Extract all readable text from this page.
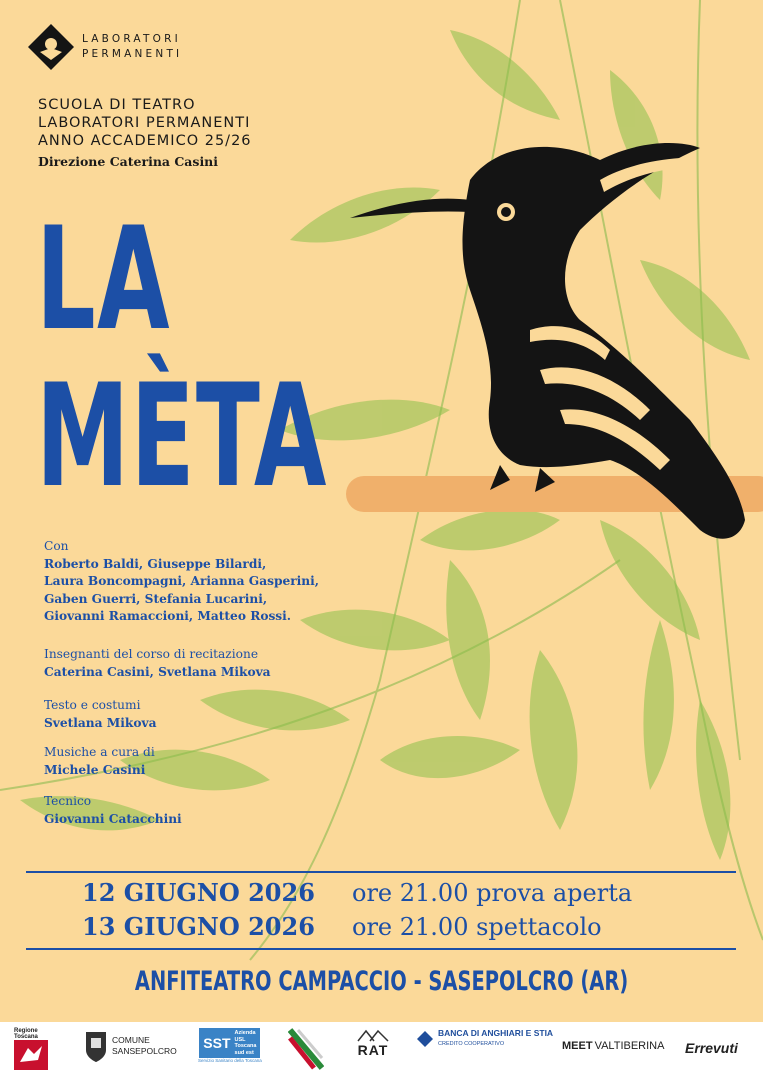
LABORATORI
PERMANENTI
SCUOLA DI TEATRO
LABORATORI PERMANENTI
ANNO ACCADEMICO 25/26
Direzione Caterina Casini
LA
MÈTA
Con
Roberto Baldi, Giuseppe Bilardi,
Laura Boncompagni, Arianna Gasperini,
Gaben Guerri, Stefania Lucarini,
Giovanni Ramaccioni, Matteo Rossi.
Insegnanti del corso di recitazione
Caterina Casini, Svetlana Mikova
Testo e costumi
Svetlana Mikova
Musiche a cura di
Michele Casini
Tecnico
Giovanni Catacchini
12 GIUGNO 2026 ore 21.00 prova aperta
13 GIUGNO 2026 ore 21.00 spettacolo
ANFITEATRO CAMPACCIO - SASEPOLCRO (AR)
Regione
Toscana	COMUNE
SANSEPOLCRO SST
Azienda
USL
Toscana
sud est
Servizio Sanitario della Toscana
RAT
BANCA DI ANGHIARI E STIA
CREDITO COOPERATIVO	MEET VALTIBERINA Errevuti
